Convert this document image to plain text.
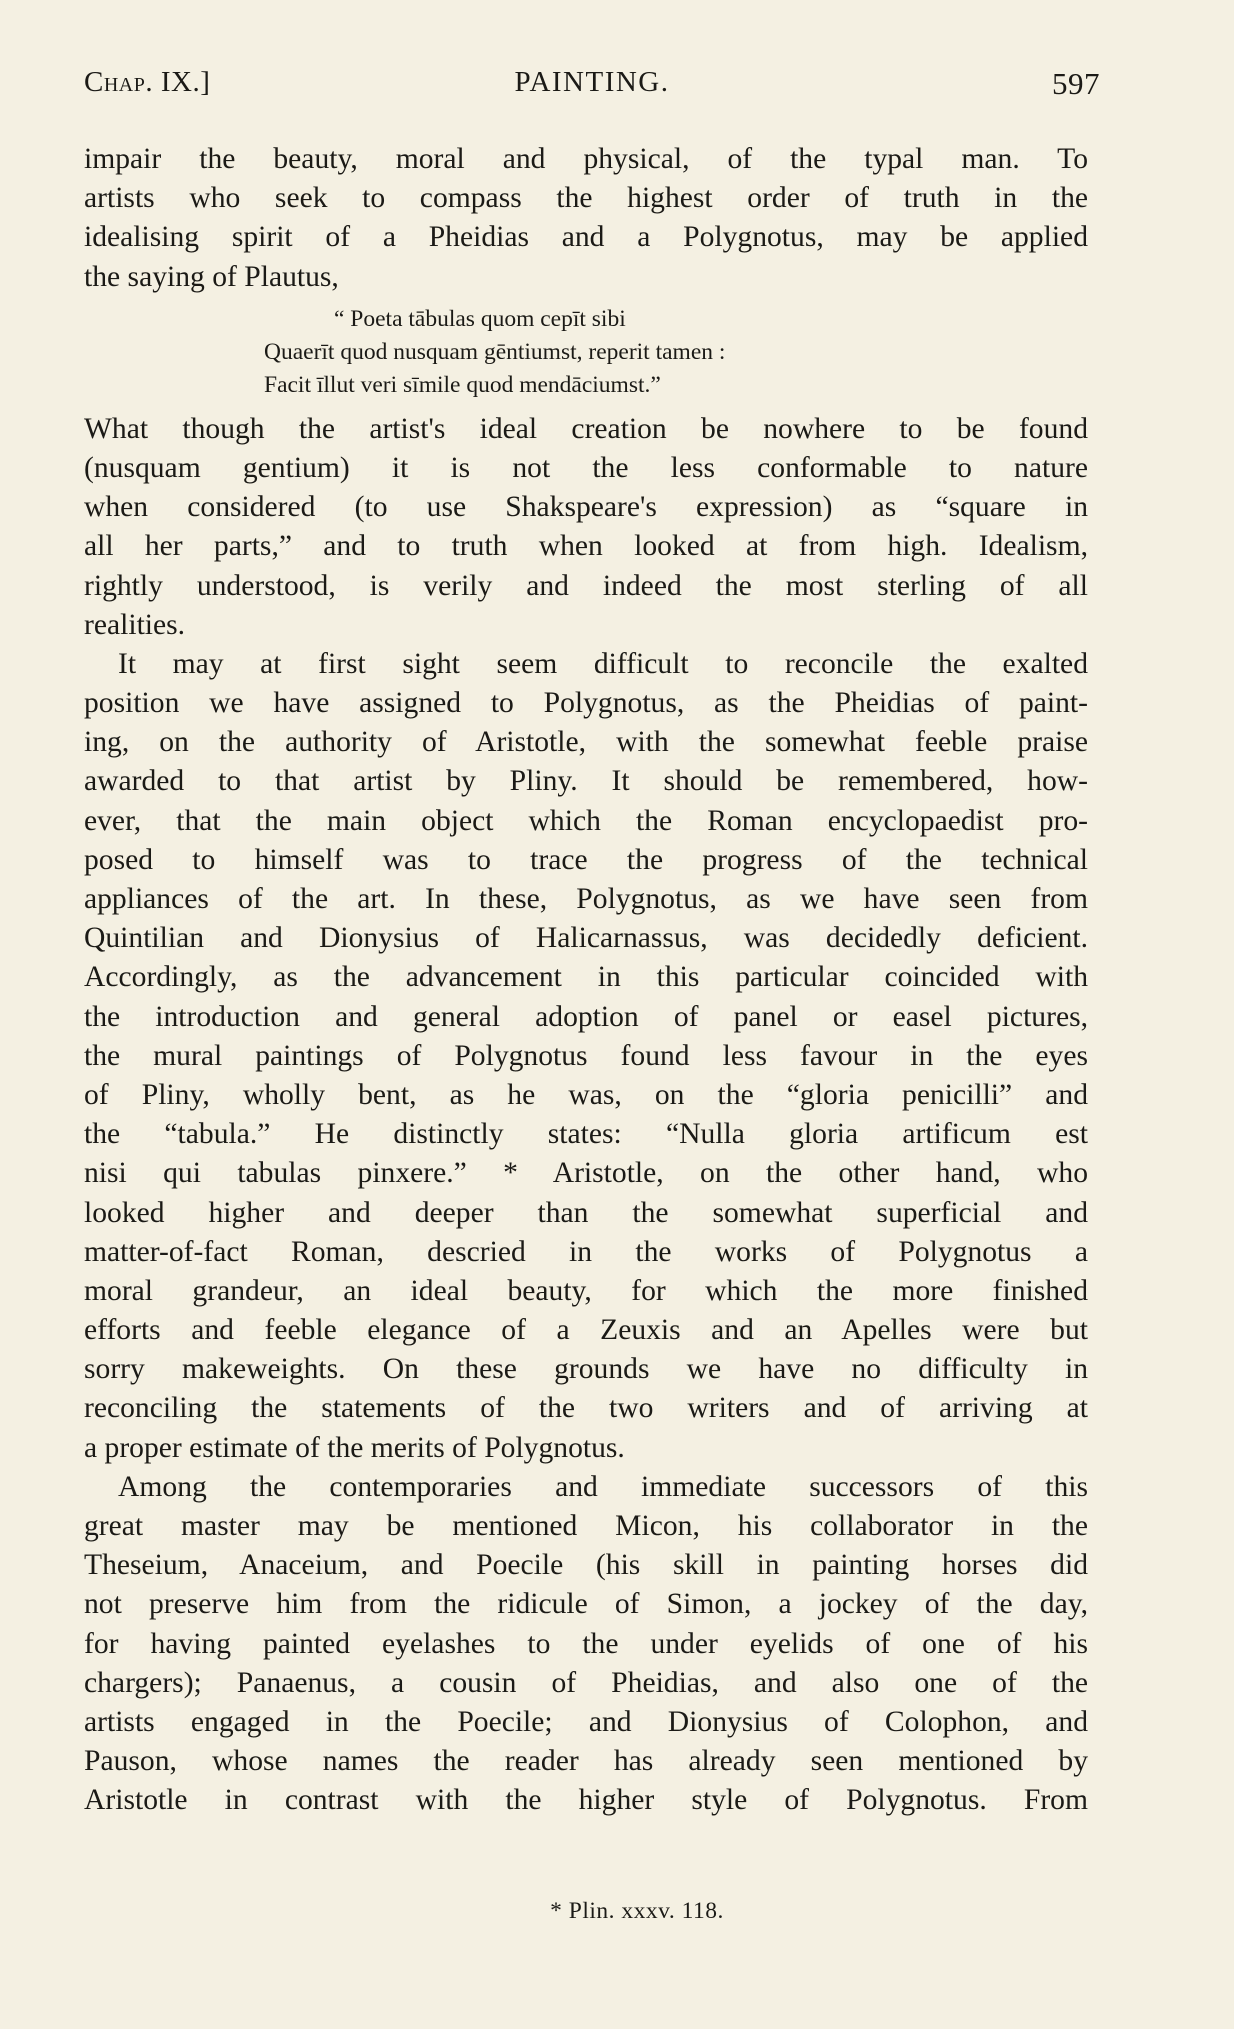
Chap. IX.]	PAINTING.	597
impair the beauty, moral and physical, of the typal man. To
artists who seek to compass the highest order of truth in the
idealising spirit of a Pheidias and a Polygnotus, may be applied
the saying of Plautus,
“ Poeta tābulas quom cepīt sibi
Quaerīt quod nusquam gēntiumst, reperit tamen :
Facit īllut veri sīmile quod mendāciumst.”
What though the artist's ideal creation be nowhere to be found
(nusquam gentium) it is not the less conformable to nature
when considered (to use Shakspeare's expression) as “square in
all her parts,” and to truth when looked at from high. Idealism,
rightly understood, is verily and indeed the most sterling of all
realities.
It may at first sight seem difficult to reconcile the exalted
position we have assigned to Polygnotus, as the Pheidias of paint-
ing, on the authority of Aristotle, with the somewhat feeble praise
awarded to that artist by Pliny. It should be remembered, how-
ever, that the main object which the Roman encyclopaedist pro-
posed to himself was to trace the progress of the technical
appliances of the art. In these, Polygnotus, as we have seen from
Quintilian and Dionysius of Halicarnassus, was decidedly deficient.
Accordingly, as the advancement in this particular coincided with
the introduction and general adoption of panel or easel pictures,
the mural paintings of Polygnotus found less favour in the eyes
of Pliny, wholly bent, as he was, on the “gloria penicilli” and
the “tabula.” He distinctly states: “Nulla gloria artificum est
nisi qui tabulas pinxere.” * Aristotle, on the other hand, who
looked higher and deeper than the somewhat superficial and
matter-of-fact Roman, descried in the works of Polygnotus a
moral grandeur, an ideal beauty, for which the more finished
efforts and feeble elegance of a Zeuxis and an Apelles were but
sorry makeweights. On these grounds we have no difficulty in
reconciling the statements of the two writers and of arriving at
a proper estimate of the merits of Polygnotus.
Among the contemporaries and immediate successors of this
great master may be mentioned Micon, his collaborator in the
Theseium, Anaceium, and Poecile (his skill in painting horses did
not preserve him from the ridicule of Simon, a jockey of the day,
for having painted eyelashes to the under eyelids of one of his
chargers); Panaenus, a cousin of Pheidias, and also one of the
artists engaged in the Poecile; and Dionysius of Colophon, and
Pauson, whose names the reader has already seen mentioned by
Aristotle in contrast with the higher style of Polygnotus. From
* Plin. xxxv. 118.
